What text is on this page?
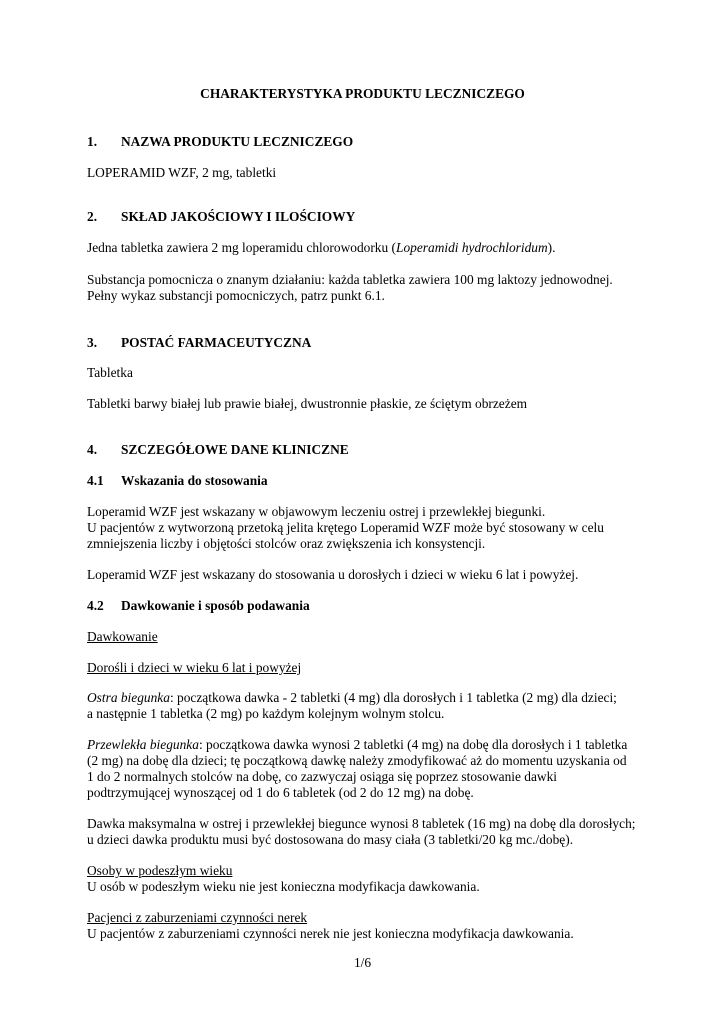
CHARAKTERYSTYKA PRODUKTU LECZNICZEGO
1. NAZWA PRODUKTU LECZNICZEGO
LOPERAMID WZF, 2 mg, tabletki
2. SKŁAD JAKOŚCIOWY I ILOŚCIOWY
Jedna tabletka zawiera 2 mg loperamidu chlorowodorku (Loperamidi hydrochloridum).
Substancja pomocnicza o znanym działaniu: każda tabletka zawiera 100 mg laktozy jednowodnej.
Pełny wykaz substancji pomocniczych, patrz punkt 6.1.
3. POSTAĆ FARMACEUTYCZNA
Tabletka
Tabletki barwy białej lub prawie białej, dwustronnie płaskie, ze ściętym obrzeżem
4. SZCZEGÓŁOWE DANE KLINICZNE
4.1 Wskazania do stosowania
Loperamid WZF jest wskazany w objawowym leczeniu ostrej i przewlekłej biegunki.
U pacjentów z wytworzoną przetoką jelita krętego Loperamid WZF może być stosowany w celu
zmniejszenia liczby i objętości stolców oraz zwiększenia ich konsystencji.
Loperamid WZF jest wskazany do stosowania u dorosłych i dzieci w wieku 6 lat i powyżej.
4.2 Dawkowanie i sposób podawania
Dawkowanie
Dorośli i dzieci w wieku 6 lat i powyżej
Ostra biegunka: początkowa dawka - 2 tabletki (4 mg) dla dorosłych i 1 tabletka (2 mg) dla dzieci;
a następnie 1 tabletka (2 mg) po każdym kolejnym wolnym stolcu.
Przewlekła biegunka: początkowa dawka wynosi 2 tabletki (4 mg) na dobę dla dorosłych i 1 tabletka
(2 mg) na dobę dla dzieci; tę początkową dawkę należy zmodyfikować aż do momentu uzyskania od
1 do 2 normalnych stolców na dobę, co zazwyczaj osiąga się poprzez stosowanie dawki
podtrzymującej wynoszącej od 1 do 6 tabletek (od 2 do 12 mg) na dobę.
Dawka maksymalna w ostrej i przewlekłej biegunce wynosi 8 tabletek (16 mg) na dobę dla dorosłych;
u dzieci dawka produktu musi być dostosowana do masy ciała (3 tabletki/20 kg mc./dobę).
Osoby w podeszłym wieku
U osób w podeszłym wieku nie jest konieczna modyfikacja dawkowania.
Pacjenci z zaburzeniami czynności nerek
U pacjentów z zaburzeniami czynności nerek nie jest konieczna modyfikacja dawkowania.
1/6
